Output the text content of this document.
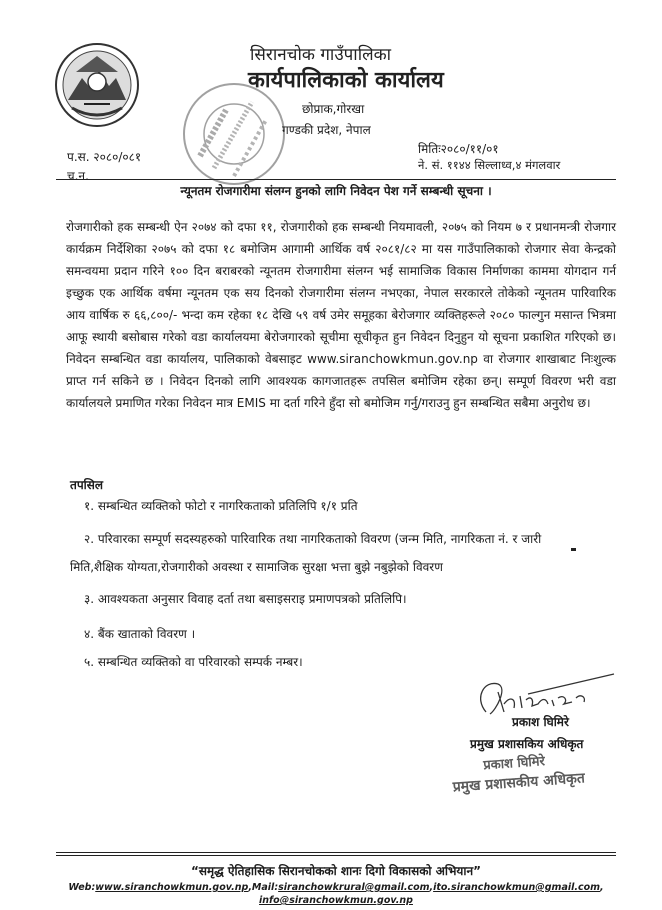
सिरानचोक गाउँपालिका
कार्यपालिकाको कार्यालय
छोप्राक,गोरखा
गण्डकी प्रदेश, नेपाल
प.स. २०८०/०८१
च.न.
मितिः२०८०/११/०१
ने. सं. ११४४ सिल्लाध्व,४ मंगलवार
न्यूनतम रोजगारीमा संलग्न हुनको लागि निवेदन पेश गर्ने सम्बन्धी सूचना ।

रोजगारीको हक सम्बन्धी ऐन २०७४ को दफा ११, रोजगारीको हक सम्बन्धी नियमावली, २०७५ को नियम ७ र प्रधानमन्त्री रोजगार कार्यक्रम निर्देशिका २०७५ को दफा १८ बमोजिम आगामी आर्थिक वर्ष २०८१/८२ मा यस गाउँपालिकाको रोजगार सेवा केन्द्रको समन्वयमा प्रदान गरिने १०० दिन बराबरको न्यूनतम रोजगारीमा संलग्न भई सामाजिक विकास निर्माणका काममा योगदान गर्न इच्छुक एक आर्थिक वर्षमा न्यूनतम एक सय दिनको रोजगारीमा संलग्न नभएका, नेपाल सरकारले तोकेको न्यूनतम पारिवारिक आय वार्षिक रु ६६,८००/- भन्दा कम रहेका १८ देखि ५९ वर्ष उमेर समूहका बेरोजगार व्यक्तिहरूले २०८० फाल्गुन मसान्त भित्रमा आफू स्थायी बसोबास गरेको वडा कार्यालयमा बेरोजगारको सूचीमा सूचीकृत हुन निवेदन दिनुहुन यो सूचना प्रकाशित गरिएको छ। निवेदन सम्बन्धित वडा कार्यालय, पालिकाको वेबसाइट www.siranchowkmun.gov.np वा रोजगार शाखाबाट निःशुल्क प्राप्त गर्न सकिने छ । निवेदन दिनको लागि आवश्यक कागजातहरू तपसिल बमोजिम रहेका छन्। सम्पूर्ण विवरण भरी वडा कार्यालयले प्रमाणित गरेका निवेदन मात्र EMIS मा दर्ता गरिने हुँदा सो बमोजिम गर्नु/गराउनु हुन सम्बन्धित सबैमा अनुरोध छ।

तपसिल
१. सम्बन्धित व्यक्तिको फोटो र नागरिकताको प्रतिलिपि १/१ प्रति
२. परिवारका सम्पूर्ण सदस्यहरुको पारिवारिक तथा नागरिकताको विवरण (जन्म मिति, नागरिकता नं. र जारी
मिति,शैक्षिक योग्यता,रोजगारीको अवस्था र सामाजिक सुरक्षा भत्ता बुझे नबुझेको विवरण
३. आवश्यकता अनुसार विवाह दर्ता तथा बसाइसराइ प्रमाणपत्रको प्रतिलिपि।
४. बैंक खाताको विवरण ।
५. सम्बन्धित व्यक्तिको वा परिवारको सम्पर्क नम्बर।
प्रकाश घिमिरे
प्रमुख प्रशासकिय अधिकृत
प्रकाश घिमिरे
प्रमुख प्रशासकीय अधिकृत
“समृद्ध ऐतिहासिक सिरानचोकको शानः दिगो विकासको अभियान”
Web:www.siranchowkmun.gov.np,Mail:siranchowkrural@gmail.com,ito.siranchowkmun@gmail.com,
info@siranchowkmun.gov.np
